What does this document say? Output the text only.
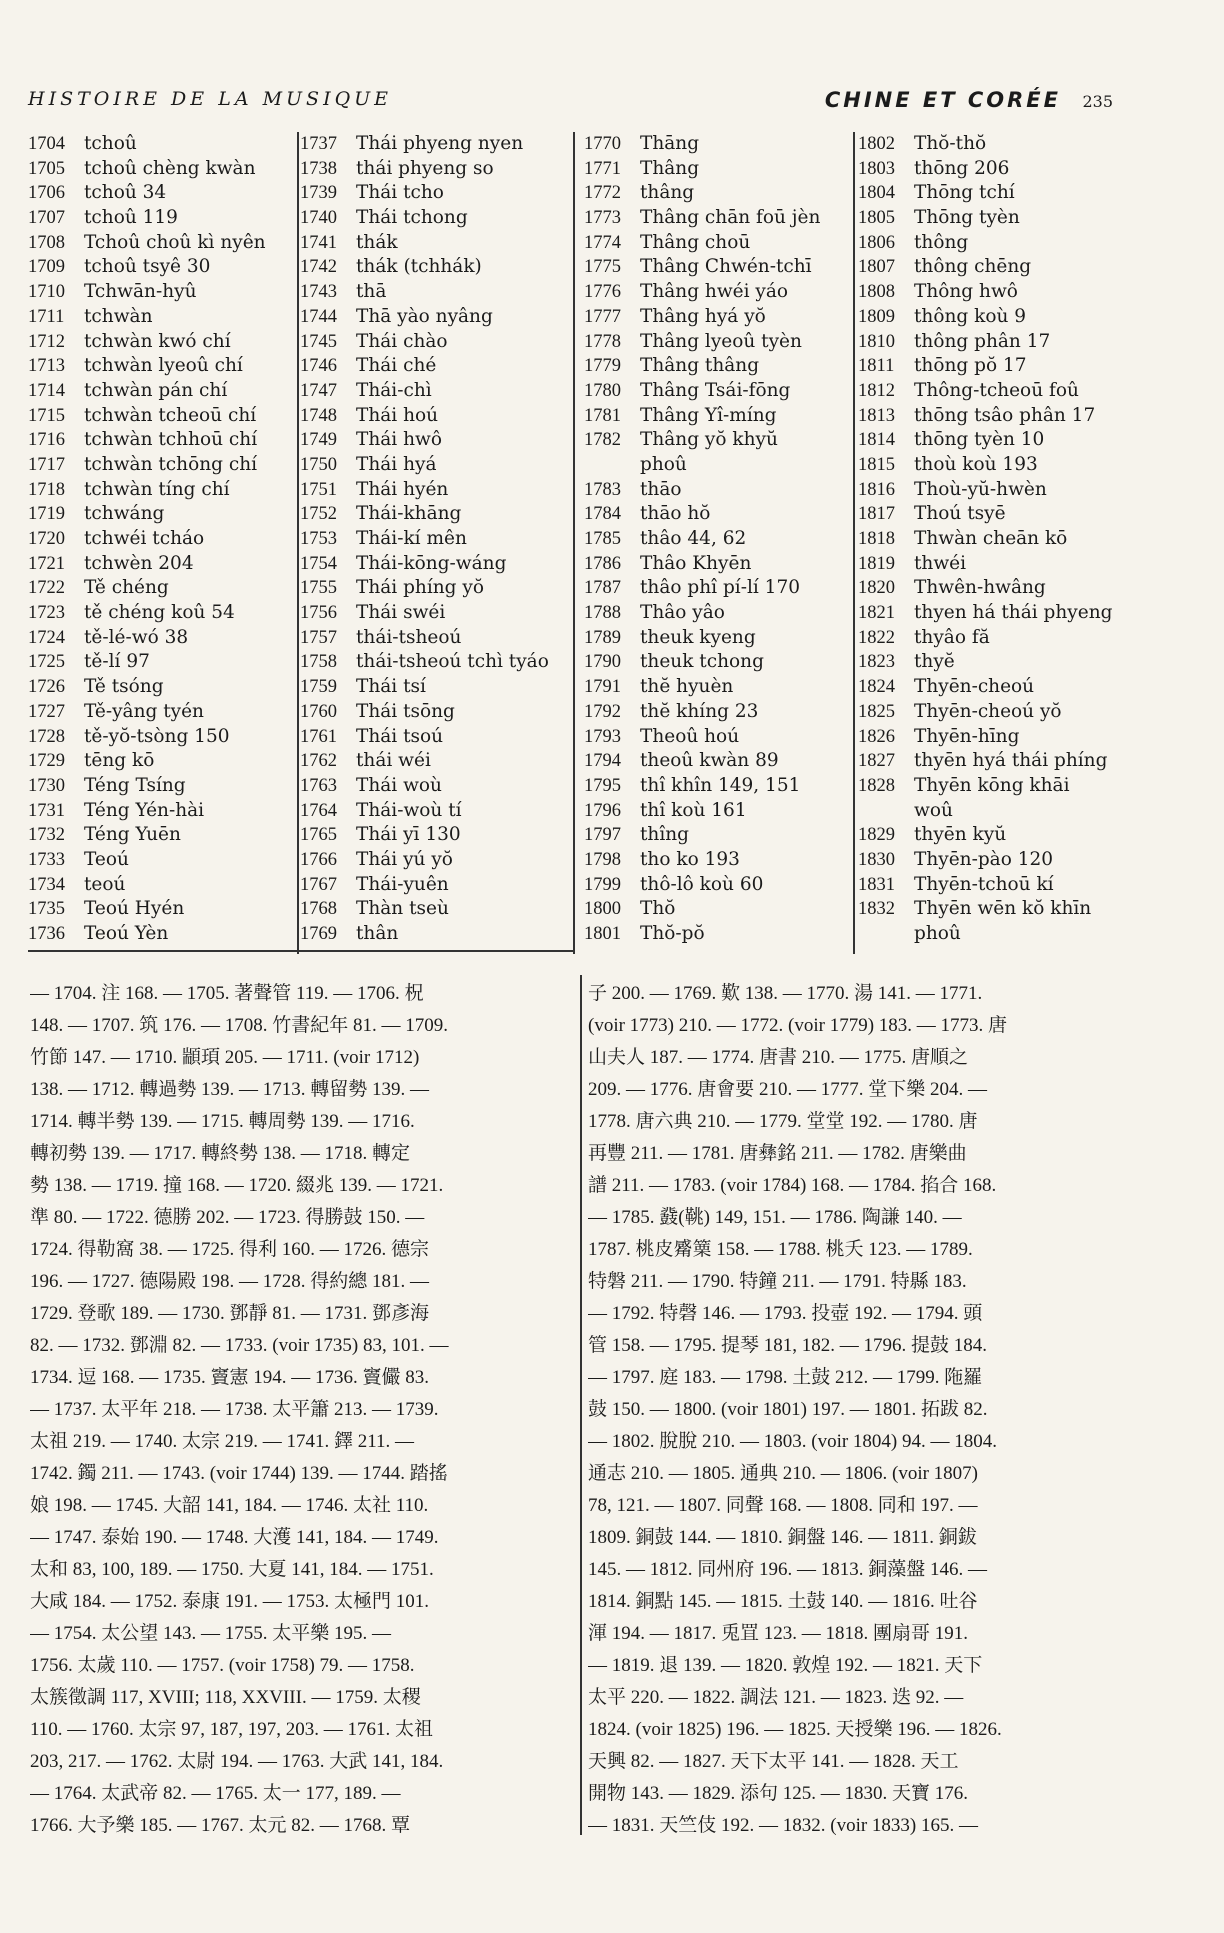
HISTOIRE DE LA MUSIQUE	CHINE ET CORÉE 235
1704 tchoû
1705 tchoû chèng kwàn
1706 tchoû 34
1707 tchoû 119
1708 Tchoû choû kì nyên
1709 tchoû tsyê 30
1710 Tchwān-hyû
1711 tchwàn
1712 tchwàn kwó chí
1713 tchwàn lyeoû chí
1714 tchwàn pán chí
1715 tchwàn tcheoū chí
1716 tchwàn tchhoū chí
1717 tchwàn tchōng chí
1718 tchwàn tíng chí
1719 tchwáng
1720 tchwéi tcháo
1721 tchwèn 204
1722 Tě chéng
1723 tě chéng koû 54
1724 tě-lé-wó 38
1725 tě-lí 97
1726 Tě tsóng
1727 Tě-yâng tyén
1728 tě-yŏ-tsòng 150
1729 tēng kō
1730 Téng Tsíng
1731 Téng Yén-hài
1732 Téng Yuēn
1733 Teoú
1734 teoú
1735 Teoú Hyén
1736 Teoú Yèn
1737 Thái phyeng nyen
1738 thái phyeng so
1739 Thái tcho
1740 Thái tchong
1741 thák
1742 thák (tchhák)
1743 thā
1744 Thā yào nyâng
1745 Thái chào
1746 Thái ché
1747 Thái-chì
1748 Thái hoú
1749 Thái hwô
1750 Thái hyá
1751 Thái hyén
1752 Thái-khāng
1753 Thái-kí mên
1754 Thái-kōng-wáng
1755 Thái phíng yŏ
1756 Thái swéi
1757 thái-tsheoú
1758 thái-tsheoú tchì tyáo
1759 Thái tsí
1760 Thái tsōng
1761 Thái tsoú
1762 thái wéi
1763 Thái woù
1764 Thái-woù tí
1765 Thái yī 130
1766 Thái yú yŏ
1767 Thái-yuên
1768 Thàn tseù
1769 thân
1770 Thāng
1771 Thâng
1772 thâng
1773 Thâng chān foū jèn
1774 Thâng choū
1775 Thâng Chwén-tchī
1776 Thâng hwéi yáo
1777 Thâng hyá yŏ
1778 Thâng lyeoû tyèn
1779 Thâng thâng
1780 Thâng Tsái-fōng
1781 Thâng Yî-míng
1782 Thâng yŏ khyŭ
phoû
1783 thāo
1784 thāo hŏ
1785 thâo 44, 62
1786 Thâo Khyēn
1787 thâo phî pí-lí 170
1788 Thâo yâo
1789 theuk kyeng
1790 theuk tchong
1791 thĕ hyuèn
1792 thĕ khíng 23
1793 Theoû hoú
1794 theoû kwàn 89
1795 thî khîn 149, 151
1796 thî koù 161
1797 thîng
1798 tho ko 193
1799 thô-lô koù 60
1800 Thŏ
1801 Thŏ-pŏ
1802 Thŏ-thŏ
1803 thōng 206
1804 Thōng tchí
1805 Thōng tyèn
1806 thông
1807 thông chēng
1808 Thông hwô
1809 thông koù 9
1810 thông phân 17
1811 thōng pŏ 17
1812 Thông-tcheoū foû
1813 thōng tsâo phân 17
1814 thōng tyèn 10
1815 thoù koù 193
1816 Thoù-yŭ-hwèn
1817 Thoú tsyē
1818 Thwàn cheān kō
1819 thwéi
1820 Thwên-hwâng
1821 thyen há thái phyeng
1822 thyâo fă
1823 thyĕ
1824 Thyēn-cheoú
1825 Thyēn-cheoú yŏ
1826 Thyēn-hīng
1827 thyēn hyá thái phíng
1828 Thyēn kōng khāi
woû
1829 thyēn kyŭ
1830 Thyēn-pào 120
1831 Thyēn-tchoū kí
1832 Thyēn wēn kŏ khīn
phoû
— 1704. 注 168. — 1705. 著聲管 119. — 1706. 柷
148. — 1707. 筑 176. — 1708. 竹書紀年 81. — 1709.
竹節 147. — 1710. 顓頊 205. — 1711. (voir 1712)
138. — 1712. 轉過勢 139. — 1713. 轉留勢 139. —
1714. 轉半勢 139. — 1715. 轉周勢 139. — 1716.
轉初勢 139. — 1717. 轉終勢 138. — 1718. 轉定
勢 138. — 1719. 撞 168. — 1720. 綴兆 139. — 1721.
準 80. — 1722. 德勝 202. — 1723. 得勝鼓 150. —
1724. 得勒窩 38. — 1725. 得利 160. — 1726. 德宗
196. — 1727. 德陽殿 198. — 1728. 得約總 181. —
1729. 登歌 189. — 1730. 鄧靜 81. — 1731. 鄧彥海
82. — 1732. 鄧淵 82. — 1733. (voir 1735) 83, 101. —
1734. 逗 168. — 1735. 竇憲 194. — 1736. 竇儼 83.
— 1737. 太平年 218. — 1738. 太平簫 213. — 1739.
太祖 219. — 1740. 太宗 219. — 1741. 鐸 211. —
1742. 鐲 211. — 1743. (voir 1744) 139. — 1744. 踏搖
娘 198. — 1745. 大韶 141, 184. — 1746. 太社 110.
— 1747. 泰始 190. — 1748. 大濩 141, 184. — 1749.
太和 83, 100, 189. — 1750. 大夏 141, 184. — 1751.
大咸 184. — 1752. 泰康 191. — 1753. 太極門 101.
— 1754. 太公望 143. — 1755. 太平樂 195. —
1756. 太歲 110. — 1757. (voir 1758) 79. — 1758.
太簇徵調 117, XVIII; 118, XXVIII. — 1759. 太稷
110. — 1760. 太宗 97, 187, 197, 203. — 1761. 太祖
203, 217. — 1762. 太尉 194. — 1763. 大武 141, 184.
— 1764. 太武帝 82. — 1765. 太一 177, 189. —
1766. 大予樂 185. — 1767. 太元 82. — 1768. 覃
子 200. — 1769. 歎 138. — 1770. 湯 141. — 1771.
(voir 1773) 210. — 1772. (voir 1779) 183. — 1773. 唐
山夫人 187. — 1774. 唐書 210. — 1775. 唐順之
209. — 1776. 唐會要 210. — 1777. 堂下樂 204. —
1778. 唐六典 210. — 1779. 堂堂 192. — 1780. 唐
再豐 211. — 1781. 唐彝銘 211. — 1782. 唐樂曲
譜 211. — 1783. (voir 1784) 168. — 1784. 掐合 168.
— 1785. 鼗(鞉) 149, 151. — 1786. 陶謙 140. —
1787. 桃皮觱篥 158. — 1788. 桃夭 123. — 1789.
特磐 211. — 1790. 特鐘 211. — 1791. 特縣 183.
— 1792. 特磬 146. — 1793. 投壺 192. — 1794. 頭
管 158. — 1795. 提琴 181, 182. — 1796. 提鼓 184.
— 1797. 庭 183. — 1798. 土鼓 212. — 1799. 陁羅
鼓 150. — 1800. (voir 1801) 197. — 1801. 拓跋 82.
— 1802. 脫脫 210. — 1803. (voir 1804) 94. — 1804.
通志 210. — 1805. 通典 210. — 1806. (voir 1807)
78, 121. — 1807. 同聲 168. — 1808. 同和 197. —
1809. 銅鼓 144. — 1810. 銅盤 146. — 1811. 銅鈸
145. — 1812. 同州府 196. — 1813. 銅藻盤 146. —
1814. 銅點 145. — 1815. 土鼓 140. — 1816. 吐谷
渾 194. — 1817. 兎罝 123. — 1818. 團扇哥 191.
— 1819. 退 139. — 1820. 敦煌 192. — 1821. 天下
太平 220. — 1822. 調法 121. — 1823. 迭 92. —
1824. (voir 1825) 196. — 1825. 天授樂 196. — 1826.
天興 82. — 1827. 天下太平 141. — 1828. 天工
開物 143. — 1829. 添句 125. — 1830. 天寶 176.
— 1831. 天竺伎 192. — 1832. (voir 1833) 165. —
